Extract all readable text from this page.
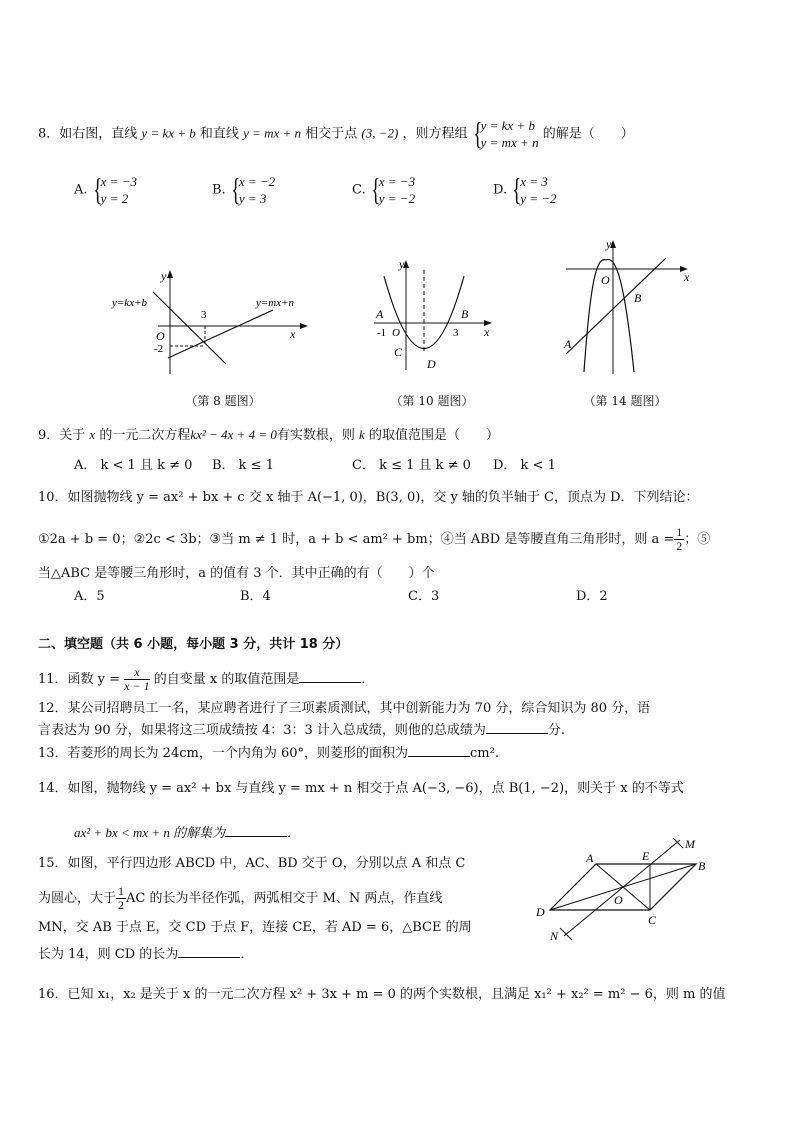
8．如右图，直线 y = kx + b 和直线 y = mx + n 相交于点 (3, −2) ，则方程组
{ y = kx + b
y = mx + n
的解是（　　）
A.
{ x = −3
y = 2
B.
{ x = −2
y = 3
C.
{ x = −3
y = −2
D.
{ x = 3
y = −2
y
x
O
y=kx+b	y=mx+n
3
-2
（第 8 题图）
y
x
A	B
-1 O	3
C
D
（第 10 题图）
y
x
O
B
A
（第 14 题图）
9．关于 x 的一元二次方程kx² − 4x + 4 = 0有实数根，则 k 的取值范围是（　　）
A． k < 1 且 k ≠ 0 B． k ≤ 1	C． k ≤ 1 且 k ≠ 0 D． k < 1
10．如图抛物线 y = ax² + bx + c 交 x 轴于 A(−1, 0)，B(3, 0)，交 y 轴的负半轴于 C，顶点为 D．下列结论：
①2a + b = 0；②2c < 3b；③当 m ≠ 1 时，a + b < am² + bm；④当 ABD 是等腰直角三角形时，则 $a = \frac{1}{2}$ ；⑤
当△ABC 是等腰三角形时，a 的值有 3 个．其中正确的有（　　）个
A．5	B．4	C．3	D．2
二、填空题（共 6 小题，每小题 3 分，共计 18 分）
11．函数 $y = \frac{x}{x - 1}$ 的自变量 x 的取值范围是	．
12．某公司招聘员工一名，某应聘者进行了三项素质测试，其中创新能力为 70 分，综合知识为 80 分，语
言表达为 90 分，如果将这三项成绩按 4：3：3 计入总成绩，则他的总成绩为	分.
13．若菱形的周长为 24cm，一个内角为 60°，则菱形的面积为	cm².
14．如图，抛物线 y = ax² + bx 与直线 y = mx + n 相交于点 A(−3, −6)，点 B(1, −2)，则关于 x 的不等式
ax² + bx < mx + n 的解集为	．
15．如图，平行四边形 ABCD 中，AC、BD 交于 O，分别以点 A 和点 C
为圆心，大于 $\frac{1}{2}$ AC 的长为半径作弧，两弧相交于 M、N 两点，作直线
MN，交 AB 于点 E，交 CD 于点 F，连接 CE，若 AD = 6，△BCE 的周
长为 14，则 CD 的长为	．
A	E
B
M
O
C
D
N
16．已知 x₁，x₂ 是关于 x 的一元二次方程 x² + 3x + m = 0 的两个实数根，且满足 x₁² + x₂² = m² − 6，则 m 的值
